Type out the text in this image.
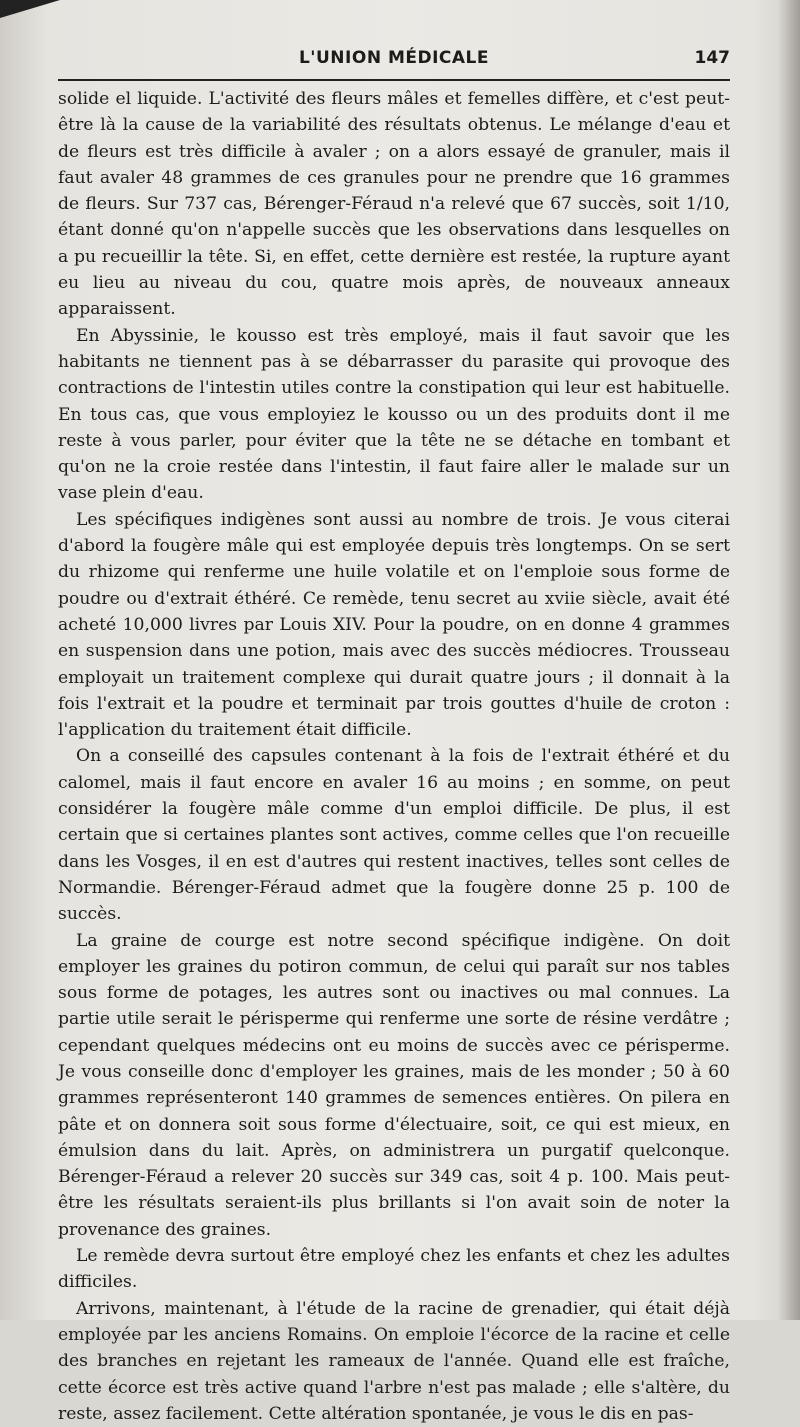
L'UNION MÉDICALE	147

solide el liquide. L'activité des fleurs mâles et femelles diffère, et c'est peut-être là la cause de la variabilité des résultats obtenus. Le mélange d'eau et de fleurs est très difficile à avaler ; on a alors essayé de granuler, mais il faut avaler 48 grammes de ces granules pour ne prendre que 16 grammes de fleurs. Sur 737 cas, Bérenger-Féraud n'a relevé que 67 succès, soit 1/10, étant donné qu'on n'appelle succès que les observations dans lesquelles on a pu recueillir la tête. Si, en effet, cette dernière est restée, la rupture ayant eu lieu au niveau du cou, quatre mois après, de nouveaux anneaux apparaissent.

En Abyssinie, le kousso est très employé, mais il faut savoir que les habitants ne tiennent pas à se débarrasser du parasite qui provoque des contractions de l'intestin utiles contre la constipation qui leur est habituelle. En tous cas, que vous employiez le kousso ou un des produits dont il me reste à vous parler, pour éviter que la tête ne se détache en tombant et qu'on ne la croie restée dans l'intestin, il faut faire aller le malade sur un vase plein d'eau.

Les spécifiques indigènes sont aussi au nombre de trois. Je vous citerai d'abord la fougère mâle qui est employée depuis très longtemps. On se sert du rhizome qui renferme une huile volatile et on l'emploie sous forme de poudre ou d'extrait éthéré. Ce remède, tenu secret au xviie siècle, avait été acheté 10,000 livres par Louis XIV. Pour la poudre, on en donne 4 grammes en suspension dans une potion, mais avec des succès médiocres. Trousseau employait un traitement complexe qui durait quatre jours ; il donnait à la fois l'extrait et la poudre et terminait par trois gouttes d'huile de croton : l'application du traitement était difficile.

On a conseillé des capsules contenant à la fois de l'extrait éthéré et du calomel, mais il faut encore en avaler 16 au moins ; en somme, on peut considérer la fougère mâle comme d'un emploi difficile. De plus, il est certain que si certaines plantes sont actives, comme celles que l'on recueille dans les Vosges, il en est d'autres qui restent inactives, telles sont celles de Normandie. Bérenger-Féraud admet que la fougère donne 25 p. 100 de succès.

La graine de courge est notre second spécifique indigène. On doit employer les graines du potiron commun, de celui qui paraît sur nos tables sous forme de potages, les autres sont ou inactives ou mal connues. La partie utile serait le périsperme qui renferme une sorte de résine verdâtre ; cependant quelques médecins ont eu moins de succès avec ce périsperme. Je vous conseille donc d'employer les graines, mais de les monder ; 50 à 60 grammes représenteront 140 grammes de semences entières. On pilera en pâte et on donnera soit sous forme d'électuaire, soit, ce qui est mieux, en émulsion dans du lait. Après, on administrera un purgatif quelconque. Bérenger-Féraud a relever 20 succès sur 349 cas, soit 4 p. 100. Mais peut-être les résultats seraient-ils plus brillants si l'on avait soin de noter la provenance des graines.

Le remède devra surtout être employé chez les enfants et chez les adultes difficiles.

Arrivons, maintenant, à l'étude de la racine de grenadier, qui était déjà employée par les anciens Romains. On emploie l'écorce de la racine et celle des branches en rejetant les rameaux de l'année. Quand elle est fraîche, cette écorce est très active quand l'arbre n'est pas malade ; elle s'altère, du reste, assez facilement. Cette altération spontanée, je vous le dis en pas-
